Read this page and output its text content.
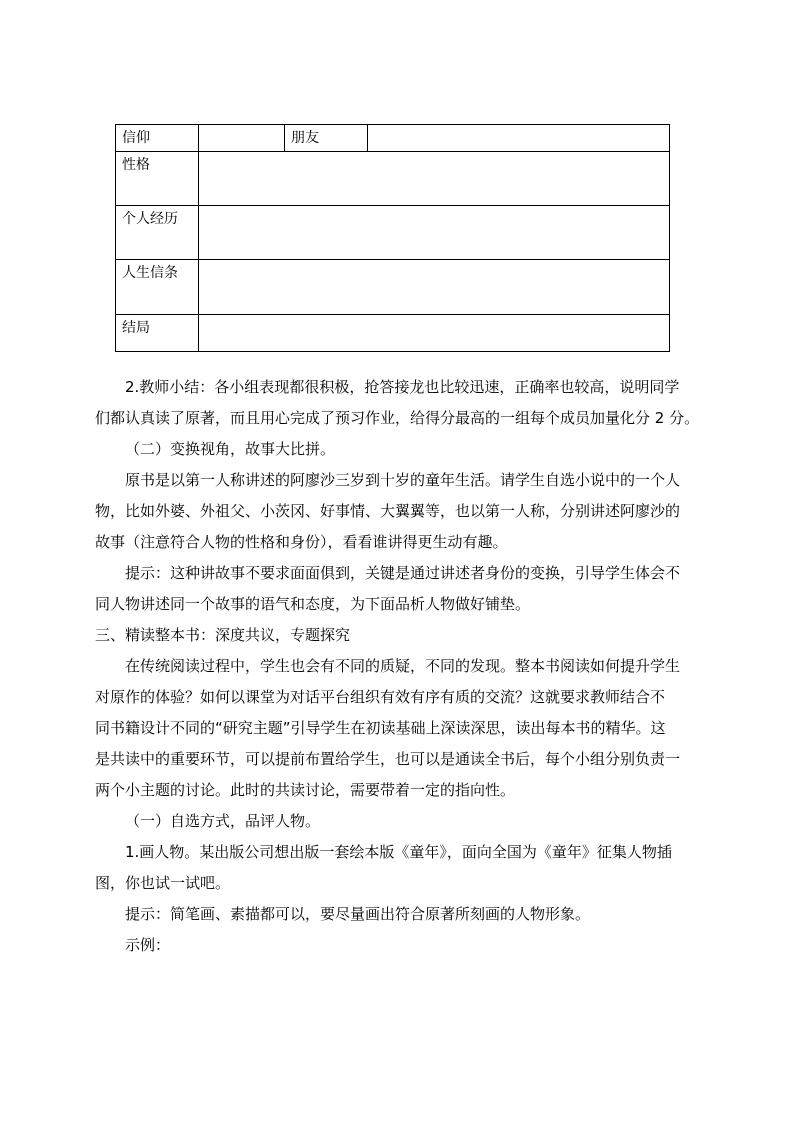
信仰		朋友	
性格			
个人经历			
人生信条			
结局			

2.教师小结：各小组表现都很积极，抢答接龙也比较迅速，正确率也较高，说明同学

们都认真读了原著，而且用心完成了预习作业，给得分最高的一组每个成员加量化分 2 分。

（二）变换视角，故事大比拼。

原书是以第一人称讲述的阿廖沙三岁到十岁的童年生活。请学生自选小说中的一个人

物，比如外婆、外祖父、小茨冈、好事情、大翼翼等，也以第一人称，分别讲述阿廖沙的

故事（注意符合人物的性格和身份），看看谁讲得更生动有趣。

提示：这种讲故事不要求面面俱到，关键是通过讲述者身份的变换，引导学生体会不

同人物讲述同一个故事的语气和态度，为下面品析人物做好铺垫。

三、精读整本书：深度共议，专题探究

在传统阅读过程中，学生也会有不同的质疑，不同的发现。整本书阅读如何提升学生

对原作的体验？如何以课堂为对话平台组织有效有序有质的交流？这就要求教师结合不

同书籍设计不同的“研究主题”引导学生在初读基础上深读深思，读出每本书的精华。这

是共读中的重要环节，可以提前布置给学生，也可以是通读全书后，每个小组分别负责一

两个小主题的讨论。此时的共读讨论，需要带着一定的指向性。

（一）自选方式，品评人物。

1.画人物。某出版公司想出版一套绘本版《童年》，面向全国为《童年》征集人物插

图，你也试一试吧。

提示：简笔画、素描都可以，要尽量画出符合原著所刻画的人物形象。

示例：
